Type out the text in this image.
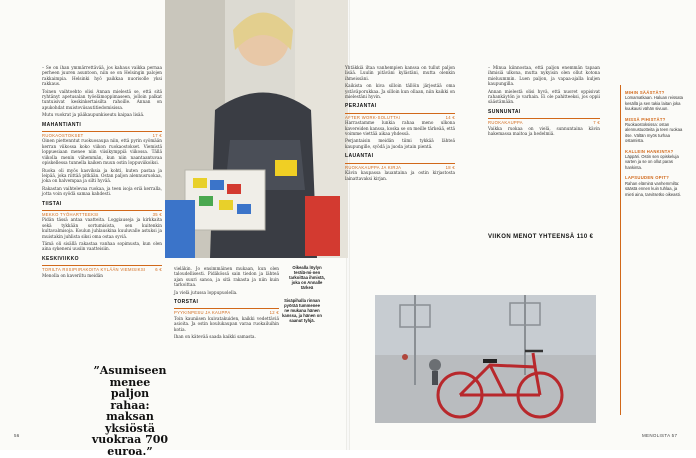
– Se on ihan ymmärrettävää, jos kahaus vaikka pernaa perheen juuren asuntoon, niin se on Helsingin palojen rakkaimpia. Helsinki hyö paikkaa nuorisolle yksi rakkaus.

Toinen vaihtoehto olisi Annan mielestä se, että sitä ryhtänyt apetusalan työelämoppimaseen, jolloin palkat tuntuisivat keskinkertaisilta rahoille. Annan on apukohdat muistoviisautitiedomisissa.

Mutu vuokrat ja pääkaupunkiseutu kaipaa lisää.

MAHANTIANTI
RUOKAOSTOKSET	17 €

Oinen piettenntut ruokuosaupa niin, että pyrin syömään kerran viikossa koko viikon ruokaostokset. Viemistä loppuesiaan menee niin viisikymppiä viikossa. Tällä viikolla menin vähemmän, kun niin naantaantuvaa opiskellessa tunnella kaiken muun ostin loppuviikoiksi.

Ruoka oli myös kasviksia ja kohti, kuten pastaa ja leipää, joka riittää pitkään. Ostan paljon alennusruokaa, joka on halvempaa ja silti hyvää.

Rakastan vaihtelevaa ruokaa, ja teen isoja eriä kerralla, jotta voin syödä samaa kahdesti.

TIISTAI
MEKKO TYÖHARTTEEKSI	35 €

Pidän tässä antaa vaatteita. Loggiauseja ja kirkkaita sekä tykkään sortumisista, sen kuitenkin kultavalmisoja. Koulun juhlauskina kuuluvalle astuksi ja muistakin juhlista siksi oma ostaa syviä.

Tämä oli sisällä rakastaa vanhaa sopimusta, kun olen aina sykeneni uusiin vaatteisiin.

KESKIVIIKKO
TORILTA RIISIPIIRAKOITA KYLÄÄN VIEMISIKSI 6 €

Menolla on kaveriltu meidän

Oikealla löylyn terälä-mi-nen tarkoittaa ihmistä, joka on Annalle tärkeä

vieläkin. Jo ensimmäinen mukaan, kun olen taloudellisesti. Pidäkössä sain tiedon ja lähteä ajan suuri sanoa, ja sitä rakasta ja niin kuin tarkoittaa.

Ja vielä jutussa loppupuolella.

TORSTAI
PYYKINPESU JA KAUPPA	12 €

Toin kauniisen kuivatakuiden, kaikki vedettäviä asioita. Ja ostin koulukaupan varaa ruokailuihin kotia.

Ihan on kätevää saada kaikki samasta.

”Asumiseen menee paljon rahaa: maksan yksiöstä vuokraa 700 euroa.”
56

Yhtäkkiä iltaa vanhempien kanssa on tullut paljon lisää. Luulin pitäväni kylästäni, mutta olenkin ihmeissäni.

Kaikista on kiva silloin tällöin järjestää oma ystäväporukkaa. Ja silloin kun ollaan, niin kaikki on mielestäni hyvin.

PERJANTAI
AFTER WORK-SOLUTTAI	14 €

Harrastamme lunkia rahaa meno ulkona kavereiden kanssa, koska se on meille tärkeää, että voimme viettää aikaa yhdessä.

Perjantaisin meidän tiimi tykkää lähteä kaupungille, syödä ja juoda jotain pientä.

LAUANTAI
RUOKAKAUPPA JA KIRJA	18 €

Kävin kaupassa lauantaina ja ostin kirjastosta lainattavaksi kirjan.

Sisäpihalla rinnan pyörää tummenee ne mukana hänen kanssa, ja hänen on saanut tyhjä.

– Minua kiinnostaa, että paljon enemmän tapaan ihmisiä ulkona, mutta nykyisin olen ollut kotona mieluummin. Luen paljon, ja vapaa-ajalla kuljen kaupungilla.

Annan mielestä olisi hyvä, että nuoret oppisivat rahankäytön jo varhain. Ei ole pahitteeksi, jos oppii säästämään.

SUNNUNTAI
RUOKAKAUPPA	7 €

Vaikka ruokaa on vielä, sunnuntaina kävin hakemassa maitoa ja hedelmiä.

VIIKON MENOT YHTEENSÄ 110 €
MIHIN SÄÄSTÄT?
Lomamatkaan. Haluan reissata kesällä ja sen takia laitan joka kuukausi vähän sivuun.
MISSÄ PIHISTÄT?
Ruokaostoksissa: ostan alennustuotteita ja teen ruokaa itse. Vältän myös turhaa ostamista.
KALLEIN HANKINTA?
Läppäri. Ostin sen opiskeluja varten ja se on ollut paras hankinta.
LAPSUUDEN OPIT?
Rahan eläminä vanhemmilta: säästä ennen kuin tuhlaa, ja mieti aina, tarvitsetko oikeasti.
MENOLISTA 57
